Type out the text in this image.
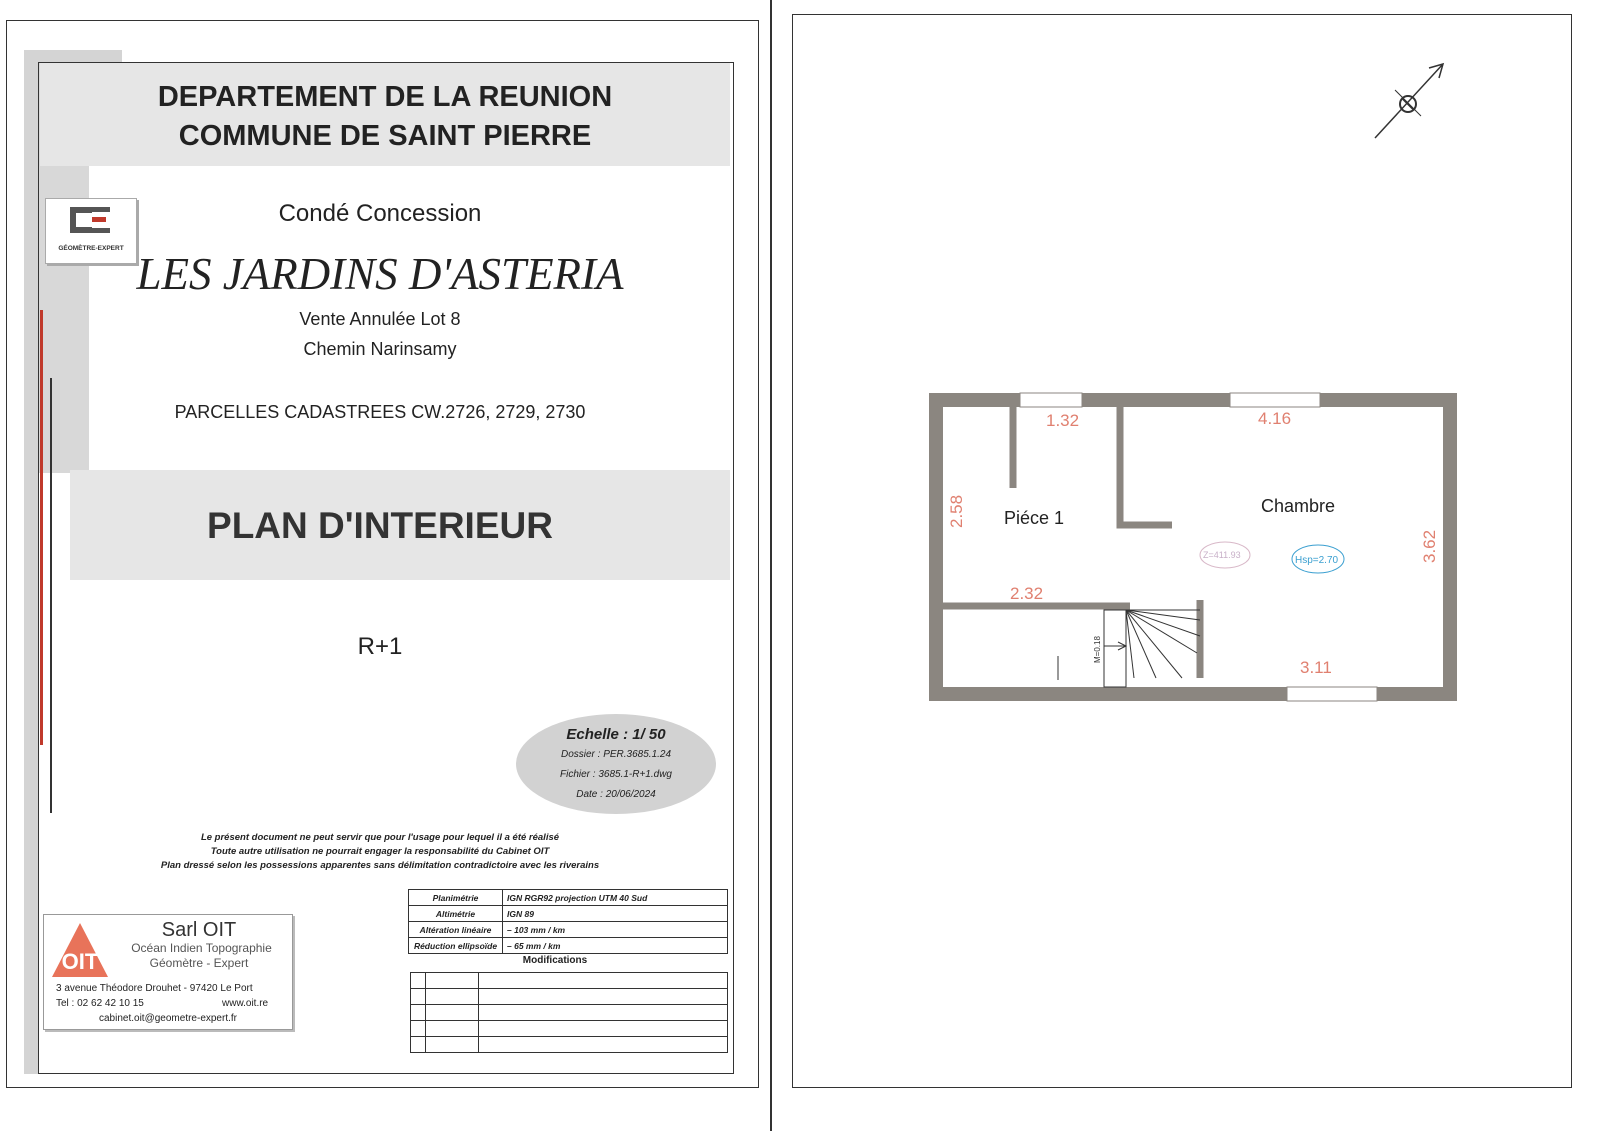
DEPARTEMENT DE LA REUNION
COMMUNE DE SAINT PIERRE
GÉOMÈTRE-EXPERT
Condé Concession
LES JARDINS D'ASTERIA
Vente Annulée Lot 8
Chemin Narinsamy
PARCELLES CADASTREES CW.2726, 2729, 2730
PLAN D'INTERIEUR
R+1
Echelle : 1/ 50
Dossier : PER.3685.1.24
Fichier : 3685.1-R+1.dwg
Date : 20/06/2024
Le présent document ne peut servir que pour l'usage pour lequel il a été réalisé
Toute autre utilisation ne pourrait engager la responsabilité du Cabinet OIT
Plan dressé selon les possessions apparentes sans délimitation contradictoire avec les riverains
Planimétrie	IGN RGR92 projection UTM 40 Sud
Altimétrie	IGN 89
Altération linéaire	– 103 mm / km
Réduction ellipsoïde	– 65 mm / km
Modifications

OIT
Sarl OIT
Océan Indien Topographie
Géomètre - Expert
3 avenue Théodore Drouhet - 97420 Le Port
Tel : 02 62 42 10 15	www.oit.re
cabinet.oit@geometre-expert.fr
1.32	4.16
2.58
3.62
2.32
3.11
M=0.18
Piéce 1
Chambre
Z=411.93	Hsp=2.70
